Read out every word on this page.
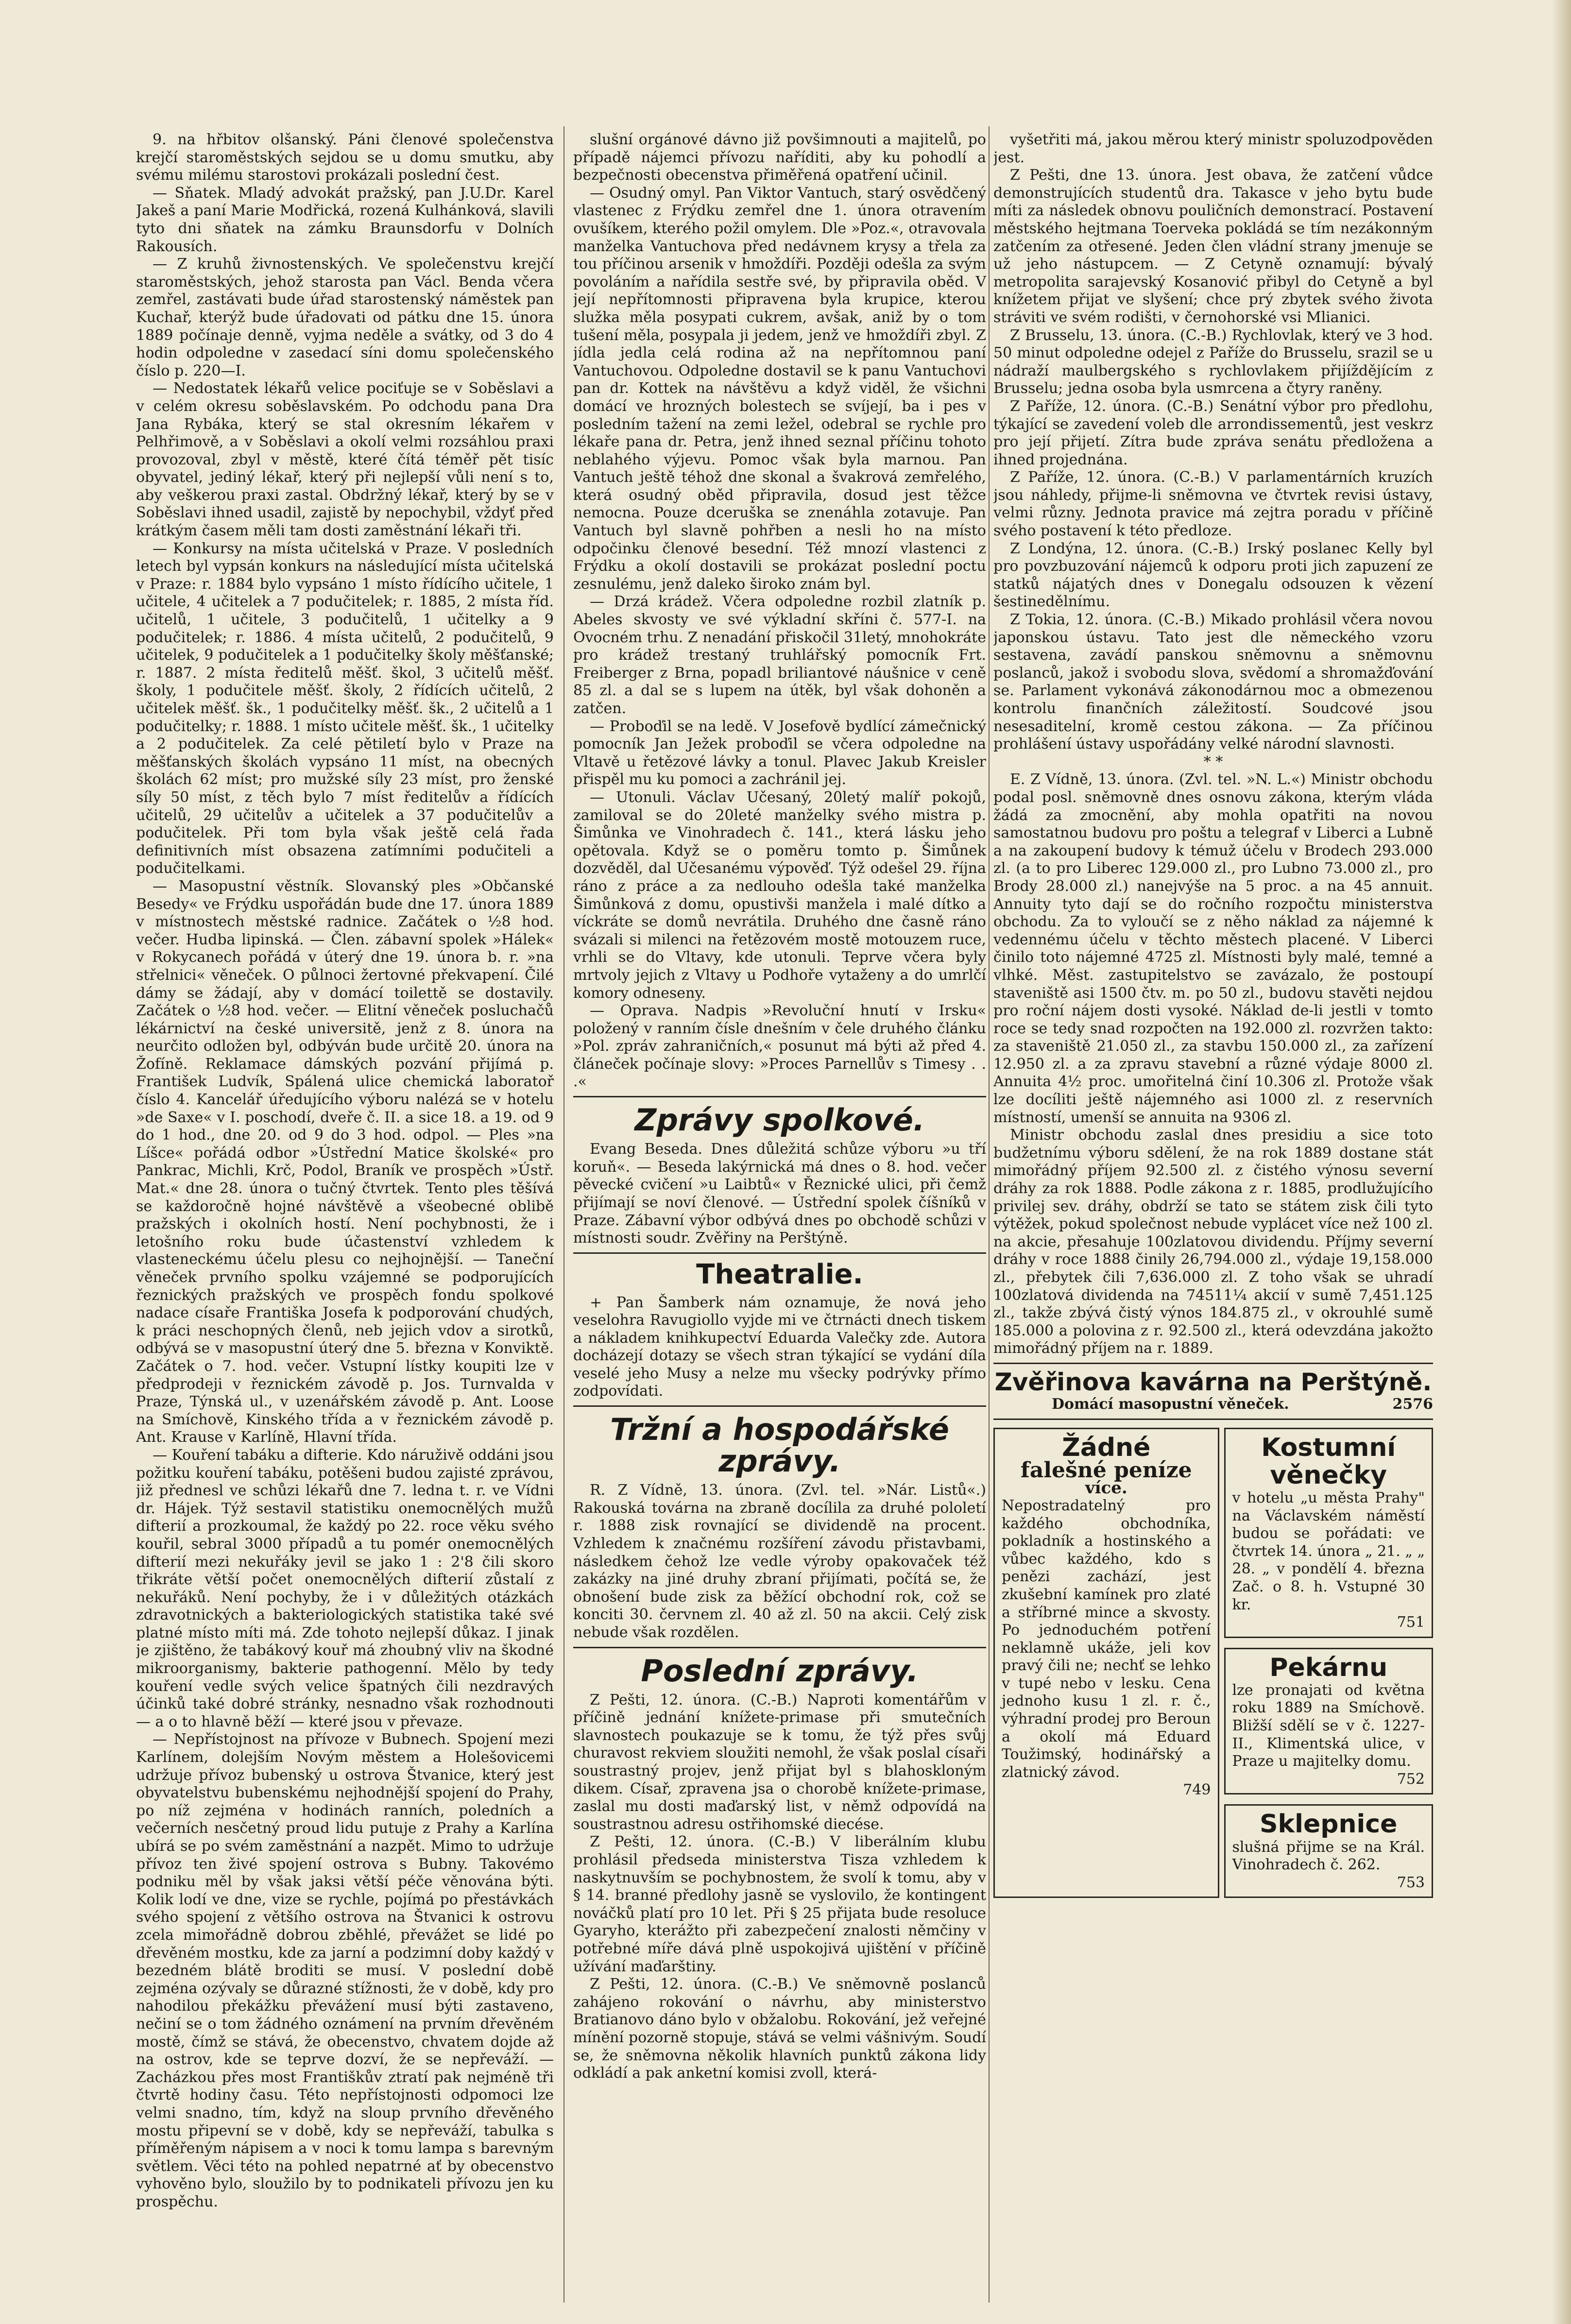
9. na hřbitov olšanský. Páni členové společenstva krejčí staroměstských sejdou se u domu smutku, aby svému milému starostovi prokázali poslední čest.

— Sňatek. Mladý advokát pražský, pan J.U.Dr. Karel Jakeš a paní Marie Modřická, rozená Kulhánková, slavili tyto dni sňatek na zámku Braunsdorfu v Dolních Rakousích.

— Z kruhů živnostenských. Ve společenstvu krejčí staroměstských, jehož starosta pan Václ. Benda včera zemřel, zastávati bude úřad starostenský náměstek pan Kuchař, kterýž bude úřadovati od pátku dne 15. února 1889 počínaje denně, vyjma neděle a svátky, od 3 do 4 hodin odpoledne v zasedací síni domu společenského číslo p. 220—I.

— Nedostatek lékařů velice pociťuje se v Soběslavi a v celém okresu soběslavském. Po odchodu pana Dra Jana Rybáka, který se stal okresním lékařem v Pelhřimově, a v Soběslavi a okolí velmi rozsáhlou praxi provozoval, zbyl v městě, které čítá téměř pět tisíc obyvatel, jediný lékař, který při nejlepší vůli není s to, aby veškerou praxi zastal. Obdržný lékař, který by se v Soběslavi ihned usadil, zajistě by nepochybil, vždyť před krátkým časem měli tam dosti zaměstnání lékaři tři.

— Konkursy na místa učitelská v Praze. V posledních letech byl vypsán konkurs na následující místa učitelská v Praze: r. 1884 bylo vypsáno 1 místo řídícího učitele, 1 učitele, 4 učitelek a 7 podučitelek; r. 1885, 2 místa říd. učitelů, 1 učitele, 3 podučitelů, 1 učitelky a 9 podučitelek; r. 1886. 4 místa učitelů, 2 podučitelů, 9 učitelek, 9 podučitelek a 1 podučitelky školy měšťanské; r. 1887. 2 místa ředitelů měšť. škol, 3 učitelů měšť. školy, 1 podučitele měšť. školy, 2 řídících učitelů, 2 učitelek měšť. šk., 1 podučitelky měšť. šk., 2 učitelů a 1 podučitelky; r. 1888. 1 místo učitele měšť. šk., 1 učitelky a 2 podučitelek. Za celé pětiletí bylo v Praze na měšťanských školách vypsáno 11 míst, na obecných školách 62 míst; pro mužské síly 23 míst, pro ženské síly 50 míst, z těch bylo 7 míst ředitelův a řídících učitelů, 29 učitelův a učitelek a 37 podučitelův a podučitelek. Při tom byla však ještě celá řada definitivních míst obsazena zatímními podučiteli a podučitelkami.

— Masopustní věstník. Slovanský ples »Občanské Besedy« ve Frýdku uspořádán bude dne 17. února 1889 v místnostech městské radnice. Začátek o ½8 hod. večer. Hudba lipinská. — Člen. zábavní spolek »Hálek« v Rokycanech pořádá v úterý dne 19. února b. r. »na střelnici« věneček. O půlnoci žertovné překvapení. Čilé dámy se žádají, aby v domácí toilettě se dostavily. Začátek o ½8 hod. večer. — Elitní věneček posluchačů lékárnictví na české universitě, jenž z 8. února na neurčito odložen byl, odbýván bude určitě 20. února na Žofíně. Reklamace dámských pozvání přijímá p. František Ludvík, Spálená ulice chemická laboratoř číslo 4. Kancelář úředujícího výboru nalézá se v hotelu »de Saxe« v I. poschodí, dveře č. II. a sice 18. a 19. od 9 do 1 hod., dne 20. od 9 do 3 hod. odpol. — Ples »na Líšce« pořádá odbor »Ústřední Matice školské« pro Pankrac, Michli, Krč, Podol, Braník ve prospěch »Ústř. Mat.« dne 28. února o tučný čtvrtek. Tento ples těšívá se každoročně hojné návštěvě a všeobecné oblibě pražských i okolních hostí. Není pochybnosti, že i letošního roku bude účastenství vzhledem k vlasteneckému účelu plesu co nejhojnější. — Taneční věneček prvního spolku vzájemné se podporujících řeznických pražských ve prospěch fondu spolkové nadace císaře Františka Josefa k podporování chudých, k práci neschopných členů, neb jejich vdov a sirotků, odbývá se v masopustní úterý dne 5. března v Konviktě. Začátek o 7. hod. večer. Vstupní lístky koupiti lze v předprodeji v řeznickém závodě p. Jos. Turnvalda v Praze, Týnská ul., v uzenářském závodě p. Ant. Loose na Smíchově, Kinského třída a v řeznickém závodě p. Ant. Krause v Karlíně, Hlavní třída.

— Kouření tabáku a difterie. Kdo náruživě oddáni jsou požitku kouření tabáku, potěšeni budou zajisté zprávou, již přednesl ve schůzi lékařů dne 7. ledna t. r. ve Vídni dr. Hájek. Týž sestavil statistiku onemocnělých mužů difterií a prozkoumal, že každý po 22. roce věku svého kouřil, sebral 3000 případů a tu pomér onemocnělých difterií mezi nekuřáky jevil se jako 1 : 2'8 čili skoro třikráte větší počet onemocnělých difterií zůstalí z nekuřáků. Není pochyby, že i v důležitých otázkách zdravotnických a bakteriologických statistika také své platné místo míti má. Zde tohoto nejlepší důkaz. I jinak je zjištěno, že tabákový kouř má zhoubný vliv na škodné mikroorganismy, bakterie pathogenní. Mělo by tedy kouření vedle svých velice špatných čili nezdravých účinků také dobré stránky, nesnadno však rozhodnouti — a o to hlavně běží — které jsou v převaze.

— Nepřístojnost na přívoze v Bubnech. Spojení mezi Karlínem, dolejším Novým městem a Holešovicemi udržuje přívoz bubenský u ostrova Štvanice, který jest obyvatelstvu bubenskému nejhodnější spojení do Prahy, po níž zejména v hodinách ranních, poledních a večerních nesčetný proud lidu putuje z Prahy a Karlína ubírá se po svém zaměstnání a nazpět. Mimo to udržuje přívoz ten živé spojení ostrova s Bubny. Takovémo podniku měl by však jaksi větší péče věnována býti. Kolik lodí ve dne, vize se rychle, pojímá po přestávkách svého spojení z většího ostrova na Štvanici k ostrovu zcela mimořádně dobrou zběhlé, převážet se lidé po dřevěném mostku, kde za jarní a podzimní doby každý v bezedném blátě broditi se musí. V poslední době zejména ozývaly se důrazné stížnosti, že v době, kdy pro nahodilou překážku převážení musí býti zastaveno, nečiní se o tom žádného oznámení na prvním dřevěném mostě, čímž se stává, že obecenstvo, chvatem dojde až na ostrov, kde se teprve dozví, že se nepřeváží. — Zacházkou přes most Františkův ztratí pak nejméně tři čtvrtě hodiny času. Této nepřístojnosti odpomoci lze velmi snadno, tím, když na sloup prvního dřevěného mostu připevní se v době, kdy se nepřeváží, tabulka s příměřeným nápisem a v noci k tomu lampa s barevným světlem. Věci této na pohled nepatrné ať by obecenstvo vyhověno bylo, sloužilo by to podnikateli přívozu jen ku prospěchu.

slušní orgánové dávno již povšimnouti a majitelů, po případě nájemci přívozu naříditi, aby ku pohodlí a bezpečnosti obecenstva přiměřená opatření učinil.

— Osudný omyl. Pan Viktor Vantuch, starý osvědčený vlastenec z Frýdku zemřel dne 1. února otravením ovušíkem, kterého požil omylem. Dle »Poz.«, otravovala manželka Vantuchova před nedávnem krysy a třela za tou příčinou arsenik v hmoždíři. Později odešla za svým povoláním a nařídila sestře své, by připravila oběd. V její nepřítomnosti připravena byla krupice, kterou služka měla posypati cukrem, avšak, aniž by o tom tušení měla, posypala ji jedem, jenž ve hmoždíři zbyl. Z jídla jedla celá rodina až na nepřítomnou paní Vantuchovou. Odpoledne dostavil se k panu Vantuchovi pan dr. Kottek na návštěvu a když viděl, že všichni domácí ve hrozných bolestech se svíjejí, ba i pes v posledním tažení na zemi ležel, odebral se rychle pro lékaře pana dr. Petra, jenž ihned seznal příčinu tohoto neblahého výjevu. Pomoc však byla marnou. Pan Vantuch ještě téhož dne skonal a švakrová zemřelého, která osudný oběd připravila, dosud jest těžce nemocna. Pouze dceruška se znenáhla zotavuje. Pan Vantuch byl slavně pohřben a nesli ho na místo odpočinku členové besední. Též mnozí vlastenci z Frýdku a okolí dostavili se prokázat poslední poctu zesnulému, jenž daleko široko znám byl.

— Drzá krádež. Včera odpoledne rozbil zlatník p. Abeles skvosty ve své výkladní skříni č. 577-I. na Ovocném trhu. Z nenadání přiskočil 31letý, mnohokráte pro krádež trestaný truhlářský pomocník Frt. Freiberger z Brna, popadl briliantové náušnice v ceně 85 zl. a dal se s lupem na útěk, byl však dohoněn a zatčen.

— Proboďil se na ledě. V Josefově bydlící zámečnický pomocník Jan Ježek proboďil se včera odpoledne na Vltavě u řetězové lávky a tonul. Plavec Jakub Kreisler přispěl mu ku pomoci a zachránil jej.

— Utonuli. Václav Učesaný, 20letý malíř pokojů, zamiloval se do 20leté manželky svého mistra p. Šimůnka ve Vinohradech č. 141., která lásku jeho opětovala. Když se o poměru tomto p. Šimůnek dozvěděl, dal Učesanému výpověď. Týž odešel 29. října ráno z práce a za nedlouho odešla také manželka Šimůnková z domu, opustivši manžela i malé dítko a víckráte se domů nevrátila. Druhého dne časně ráno svázali si milenci na řetězovém mostě motouzem ruce, vrhli se do Vltavy, kde utonuli. Teprve včera byly mrtvoly jejich z Vltavy u Podhoře vytaženy a do umrlčí komory odneseny.

— Oprava. Nadpis »Revoluční hnutí v Irsku« položený v ranním čísle dnešním v čele druhého článku »Pol. zpráv zahraničních,« posunut má býti až před 4. článeček počínaje slovy: »Proces Parnellův s Timesy . . .«

Zprávy spolkové.

Evang Beseda. Dnes důležitá schůze výboru »u tří koruň«. — Beseda lakýrnická má dnes o 8. hod. večer pěvecké cvičení »u Laibtů« v Řeznické ulici, při čemž přijímají se noví členové. — Ústřední spolek číšníků v Praze. Zábavní výbor odbývá dnes po obchodě schůzi v místnosti soudr. Zvěřiny na Perštýně.

Theatralie.

+ Pan Šamberk nám oznamuje, že nová jeho veselohra Ravugiollo vyjde mi ve čtrnácti dnech tiskem a nákladem knihkupectví Eduarda Valečky zde. Autora docházejí dotazy se všech stran týkající se vydání díla veselé jeho Musy a nelze mu všecky podrývky přímo zodpovídati.

Tržní a hospodářské zprávy.

R. Z Vídně, 13. února. (Zvl. tel. »Nár. Listů«.) Rakouská továrna na zbraně docílila za druhé pololetí r. 1888 zisk rovnající se dividendě na procent. Vzhledem k značnému rozšíření závodu přistavbami, následkem čehož lze vedle výroby opakovaček též zakázky na jiné druhy zbraní přijímati, počítá se, že obnošení bude zisk za běžící obchodní rok, což se konciti 30. červnem zl. 40 až zl. 50 na akcii. Celý zisk nebude však rozdělen.

Poslední zprávy.

Z Pešti, 12. února. (C.-B.) Naproti komentářům v příčině jednání knížete-primase při smutečních slavnostech poukazuje se k tomu, že týž přes svůj churavost rekviem sloužiti nemohl, že však poslal císaři soustrastný projev, jenž přijat byl s blahoskloným dikem. Císař, zpravena jsa o chorobě knížete-primase, zaslal mu dosti maďarský list, v němž odpovídá na soustrastnou adresu ostřihomské diecése.

Z Pešti, 12. února. (C.-B.) V liberálním klubu prohlásil předseda ministerstva Tisza vzhledem k naskytnuvším se pochybnostem, že svolí k tomu, aby v § 14. branné předlohy jasně se vyslovilo, že kontingent nováčků platí pro 10 let. Při § 25 přijata bude resoluce Gyaryho, kterážto při zabezpečení znalosti němčiny v potřebné míře dává plně uspokojivá ujištění v příčině užívání maďarštiny.

Z Pešti, 12. února. (C.-B.) Ve sněmovně poslanců zahájeno rokování o návrhu, aby ministerstvo Bratianovo dáno bylo v obžalobu. Rokování, jež veřejné mínění pozorně stopuje, stává se velmi vášnivým. Soudí se, že sněmovna několik hlavních punktů zákona lidy odkládí a pak anketní komisi zvoll, která-

vyšetřiti má, jakou měrou který ministr spoluzodpověden jest.

Z Pešti, dne 13. února. Jest obava, že zatčení vůdce demonstrujících studentů dra. Takasce v jeho bytu bude míti za následek obnovu pouličních demonstrací. Postavení městského hejtmana Toerveka pokládá se tím nezákonným zatčením za otřesené. Jeden člen vládní strany jmenuje se už jeho nástupcem. — Z Cetyně oznamují: bývalý metropolita sarajevský Kosanović přibyl do Cetyně a byl knížetem přijat ve slyšení; chce prý zbytek svého života stráviti ve svém rodišti, v černohorské vsi Mlianici.

Z Brusselu, 13. února. (C.-B.) Rychlovlak, který ve 3 hod. 50 minut odpoledne odejel z Paříže do Brusselu, srazil se u nádraží maulbergského s rychlovlakem přijíždějícím z Brusselu; jedna osoba byla usmrcena a čtyry raněny.

Z Paříže, 12. února. (C.-B.) Senátní výbor pro předlohu, týkající se zavedení voleb dle arrondissementů, jest veskrz pro její přijetí. Zítra bude zpráva senátu předložena a ihned projednána.

Z Paříže, 12. února. (C.-B.) V parlamentárních kruzích jsou náhledy, přijme-li sněmovna ve čtvrtek revisi ústavy, velmi různy. Jednota pravice má zejtra poradu v příčině svého postavení k této předloze.

Z Londýna, 12. února. (C.-B.) Irský poslanec Kelly byl pro povzbuzování nájemců k odporu proti jich zapuzení ze statků nájatých dnes v Donegalu odsouzen k vězení šestinedělnímu.

Z Tokia, 12. února. (C.-B.) Mikado prohlásil včera novou japonskou ústavu. Tato jest dle německého vzoru sestavena, zavádí panskou sněmovnu a sněmovnu poslanců, jakož i svobodu slova, svědomí a shromažďování se. Parlament vykonává zákonodárnou moc a obmezenou kontrolu finančních záležitostí. Soudcové jsou nesesaditelní, kromě cestou zákona. — Za příčinou prohlášení ústavy uspořádány velké národní slavnosti.

* *

E. Z Vídně, 13. února. (Zvl. tel. »N. L.«) Ministr obchodu podal posl. sněmovně dnes osnovu zákona, kterým vláda žádá za zmocnění, aby mohla opatřiti na novou samostatnou budovu pro poštu a telegraf v Liberci a Lubně a na zakoupení budovy k témuž účelu v Brodech 293.000 zl. (a to pro Liberec 129.000 zl., pro Lubno 73.000 zl., pro Brody 28.000 zl.) nanejvýše na 5 proc. a na 45 annuit. Annuity tyto dají se do ročního rozpočtu ministerstva obchodu. Za to vyloučí se z něho náklad za nájemné k vedennému účelu v těchto městech placené. V Liberci činilo toto nájemné 4725 zl. Místnosti byly malé, temné a vlhké. Měst. zastupitelstvo se zavázalo, že postoupí staveniště asi 1500 čtv. m. po 50 zl., budovu stavěti nejdou pro roční nájem dosti vysoké. Náklad de-li jestli v tomto roce se tedy snad rozpočten na 192.000 zl. rozvržen takto: za staveniště 21.050 zl., za stavbu 150.000 zl., za zařízení 12.950 zl. a za zpravu stavební a různé výdaje 8000 zl. Annuita 4½ proc. umořitelná činí 10.306 zl. Protože však lze docíliti ještě nájemného asi 1000 zl. z reservních místností, umenší se annuita na 9306 zl.

Ministr obchodu zaslal dnes presidiu a sice toto budžetnímu výboru sdělení, že na rok 1889 dostane stát mimořádný příjem 92.500 zl. z čistého výnosu severní dráhy za rok 1888. Podle zákona z r. 1885, prodlužujícího privilej sev. dráhy, obdrží se tato se státem zisk čili tyto výtěžek, pokud společnost nebude vyplácet více než 100 zl. na akcie, přesahuje 100zlatovou dividendu. Příjmy severní dráhy v roce 1888 činily 26,794.000 zl., výdaje 19,158.000 zl., přebytek čili 7,636.000 zl. Z toho však se uhradí 100zlatová dividenda na 74511¼ akcií v sumě 7,451.125 zl., takže zbývá čistý výnos 184.875 zl., v okrouhlé sumě 185.000 a polovina z r. 92.500 zl., která odevzdána jakožto mimořádný příjem na r. 1889.

Zvěřinova kavárna na Perštýně.
Domácí masopustní věneček.	2576
Žádné
falešné peníze
více.

Nepostradatelný pro každého obchodníka, pokladník a hostinského a vůbec každého, kdo s penězi zachází, jest zkušební kamínek pro zlaté a stříbrné mince a skvosty. Po jednoduchém potření neklamně ukáže, jeli kov pravý čili ne; nechť se lehko v tupé nebo v lesku. Cena jednoho kusu 1 zl. r. č., výhradní prodej pro Beroun a okolí má Eduard Toužimský, hodinářský a zlatnický závod.

749

Kostumní věnečky

v hotelu „u města Prahy" na Václavském náměstí budou se pořádati: ve čtvrtek 14. února „ 21. „ „ 28. „ v pondělí 4. března Zač. o 8. h. Vstupné 30 kr.

751

Pekárnu

lze pronajati od května roku 1889 na Smíchově. Bližší sdělí se v č. 1227-II., Klimentská ulice, v Praze u majitelky domu.

752

Sklepnice

slušná přijme se na Král. Vinohradech č. 262.

753
